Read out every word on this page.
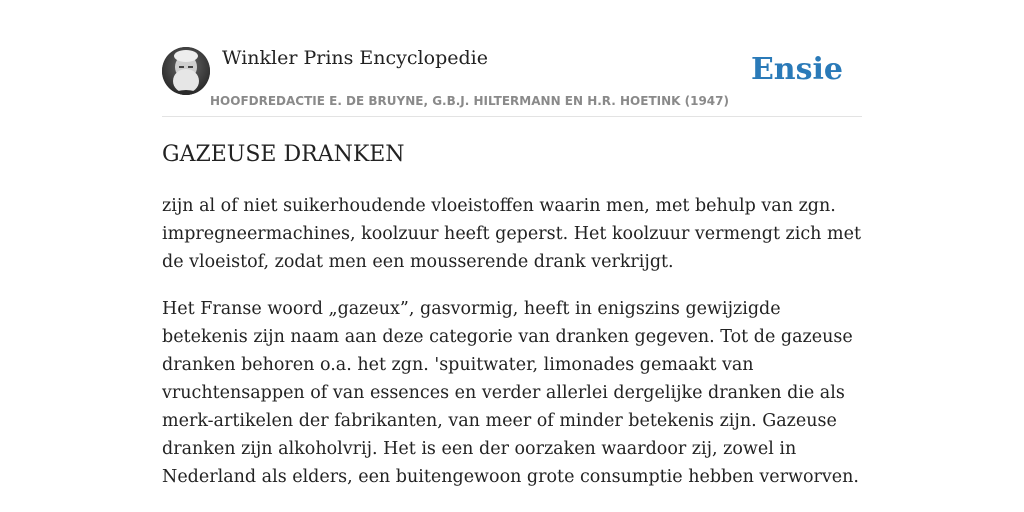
Winkler Prins Encyclopedie
HOOFDREDACTIE E. DE BRUYNE, G.B.J. HILTERMANN EN H.R. HOETINK (1947)
Ensie
GAZEUSE DRANKEN

zijn al of niet suikerhoudende vloeistoffen waarin men, met behulp van zgn. impregneermachines, koolzuur heeft geperst. Het koolzuur vermengt zich met de vloeistof, zodat men een mousserende drank verkrijgt.

Het Franse woord „gazeux”, gasvormig, heeft in enigszins gewijzigde betekenis zijn naam aan deze categorie van dranken gegeven. Tot de gazeuse dranken behoren o.a. het zgn. 'spuitwater, limonades gemaakt van vruchtensappen of van essences en verder allerlei dergelijke dranken die als merk-artikelen der fabrikanten, van meer of minder betekenis zijn. Gazeuse dranken zijn alkoholvrij. Het is een der oorzaken waardoor zij, zowel in Nederland als elders, een buitengewoon grote consumptie hebben verworven.
